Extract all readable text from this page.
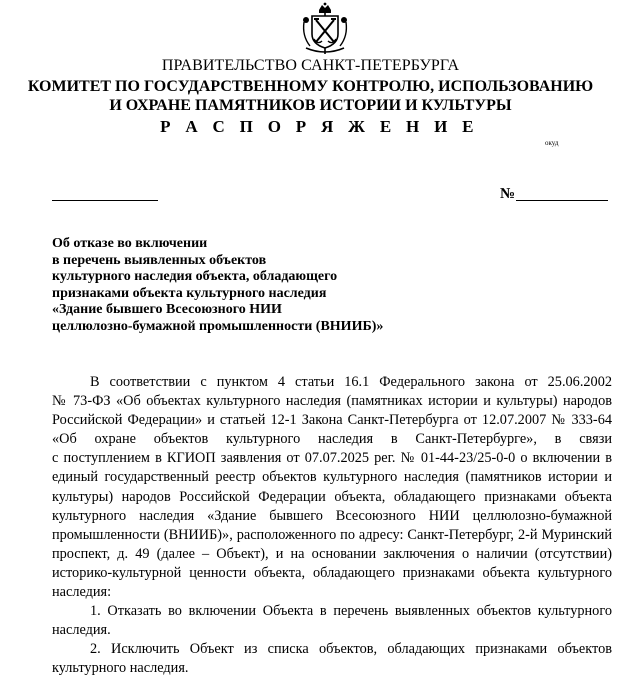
ПРАВИТЕЛЬСТВО САНКТ-ПЕТЕРБУРГА
КОМИТЕТ ПО ГОСУДАРСТВЕННОМУ КОНТРОЛЮ, ИСПОЛЬЗОВАНИЮ
И ОХРАНЕ ПАМЯТНИКОВ ИСТОРИИ И КУЛЬТУРЫ
Р А С П О Р Я Ж Е Н И Е
окуд
№
Об отказе во включении
в перечень выявленных объектов
культурного наследия объекта, обладающего
признаками объекта культурного наследия
«Здание бывшего Всесоюзного НИИ
целлюлозно-бумажной промышленности (ВНИИБ)»
В соответствии с пунктом 4 статьи 16.1 Федерального закона от 25.06.2002
№ 73-ФЗ «Об объектах культурного наследия (памятниках истории и культуры) народов
Российской Федерации» и статьей 12-1 Закона Санкт-Петербурга от 12.07.2007 № 333-64
«Об охране объектов культурного наследия в Санкт-Петербурге», в связи
с поступлением в КГИОП заявления от 07.07.2025 рег. № 01-44-23/25-0-0 о включении в
единый государственный реестр объектов культурного наследия (памятников истории и
культуры) народов Российской Федерации объекта, обладающего признаками объекта
культурного наследия «Здание бывшего Всесоюзного НИИ целлюлозно-бумажной
промышленности (ВНИИБ)», расположенного по адресу: Санкт-Петербург, 2-й Муринский
проспект, д. 49 (далее – Объект), и на основании заключения о наличии (отсутствии)
историко-культурной ценности объекта, обладающего признаками объекта культурного
наследия:
1. Отказать во включении Объекта в перечень выявленных объектов культурного
наследия.
2. Исключить Объект из списка объектов, обладающих признаками объектов
культурного наследия.
